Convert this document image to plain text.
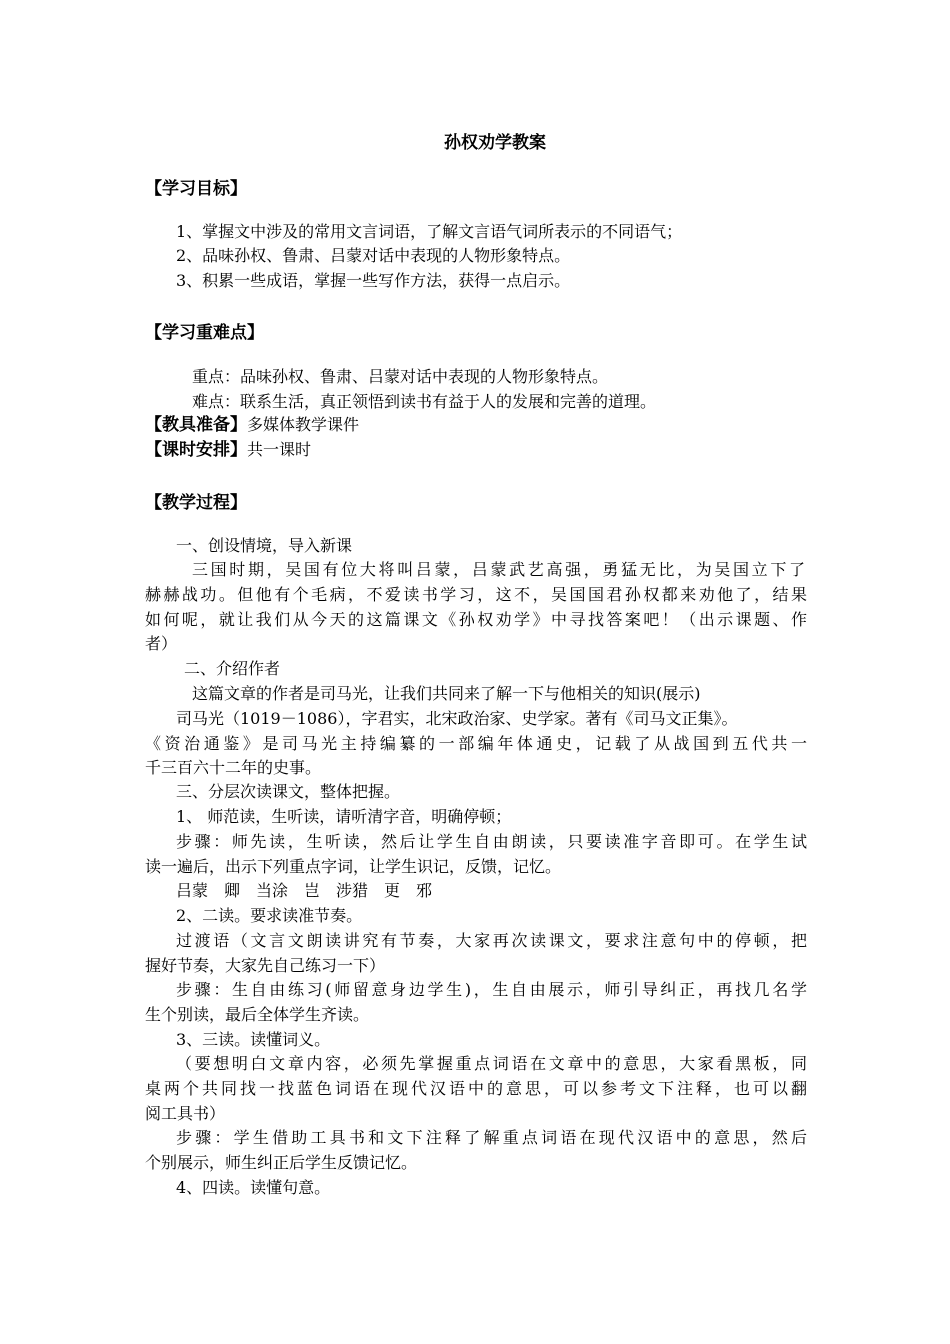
孙权劝学教案
【学习目标】
1、掌握文中涉及的常用文言词语，了解文言语气词所表示的不同语气；
2、品味孙权、鲁肃、吕蒙对话中表现的人物形象特点。
3、积累一些成语，掌握一些写作方法，获得一点启示。
【学习重难点】
重点：品味孙权、鲁肃、吕蒙对话中表现的人物形象特点。
难点：联系生活，真正领悟到读书有益于人的发展和完善的道理。
【教具准备】多媒体教学课件
【课时安排】共一课时
【教学过程】
一、创设情境，导入新课
三国时期，吴国有位大将叫吕蒙，吕蒙武艺高强，勇猛无比，为吴国立下了
赫赫战功。但他有个毛病，不爱读书学习，这不，吴国国君孙权都来劝他了，结果
如何呢，就让我们从今天的这篇课文《孙权劝学》中寻找答案吧！（出示课题、作
者）
二、介绍作者
这篇文章的作者是司马光，让我们共同来了解一下与他相关的知识(展示)
司马光（1019－1086），字君实，北宋政治家、史学家。著有《司马文正集》。
《资治通鉴》是司马光主持编纂的一部编年体通史，记载了从战国到五代共一
千三百六十二年的史事。
三、分层次读课文，整体把握。
1、 师范读，生听读，请听清字音，明确停顿；
步骤：师先读，生听读，然后让学生自由朗读，只要读准字音即可。在学生试
读一遍后，出示下列重点字词，让学生识记，反馈，记忆。
吕蒙　卿　当涂　岂　涉猎　更　邪
2、二读。要求读准节奏。
过渡语（文言文朗读讲究有节奏，大家再次读课文，要求注意句中的停顿，把
握好节奏，大家先自己练习一下）
步骤：生自由练习(师留意身边学生)，生自由展示，师引导纠正，再找几名学
生个别读，最后全体学生齐读。
3、三读。读懂词义。
（要想明白文章内容，必须先掌握重点词语在文章中的意思，大家看黑板，同
桌两个共同找一找蓝色词语在现代汉语中的意思，可以参考文下注释，也可以翻
阅工具书）
步骤：学生借助工具书和文下注释了解重点词语在现代汉语中的意思，然后
个别展示，师生纠正后学生反馈记忆。
4、四读。读懂句意。
